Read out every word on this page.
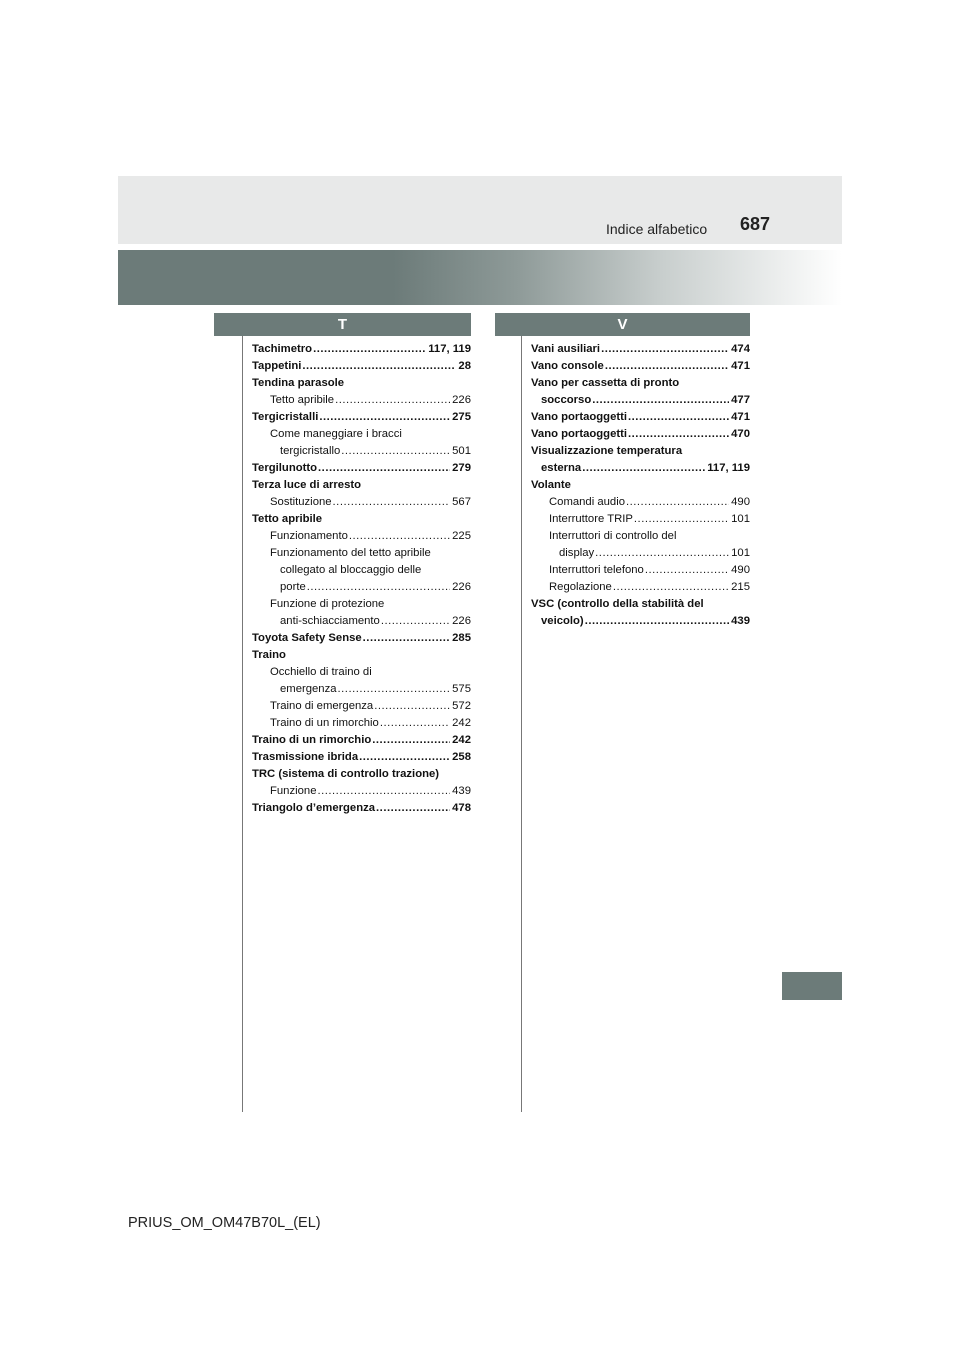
Indice alfabetico 687
T	V
Tachimetro .....	117, 119
Tappetini .....	28
Tendina parasole
Tetto apribile .....	226
Tergicristalli .....	275
Come maneggiare i bracci
tergicristallo .....	501
Tergilunotto .....	279
Terza luce di arresto
Sostituzione .....	567
Tetto apribile
Funzionamento .....	225
Funzionamento del tetto apribile
collegato al bloccaggio delle
porte .....	226
Funzione di protezione
anti-schiacciamento .....	226
Toyota Safety Sense .....	285
Traino
Occhiello di traino di
emergenza .....	575
Traino di emergenza .....	572
Traino di un rimorchio .....	242
Traino di un rimorchio .....	242
Trasmissione ibrida .....	258
TRC (sistema di controllo trazione)
Funzione .....	439
Triangolo d’emergenza .....	478
Vani ausiliari .....	474
Vano console .....	471
Vano per cassetta di pronto
soccorso .....	477
Vano portaoggetti .....	471
Vano portaoggetti .....	470
Visualizzazione temperatura
esterna .....	117, 119
Volante
Comandi audio .....	490
Interruttore TRIP .....	101
Interruttori di controllo del
display .....	101
Interruttori telefono .....	490
Regolazione .....	215
VSC (controllo della stabilità del
veicolo) .....	439
PRIUS_OM_OM47B70L_(EL)
